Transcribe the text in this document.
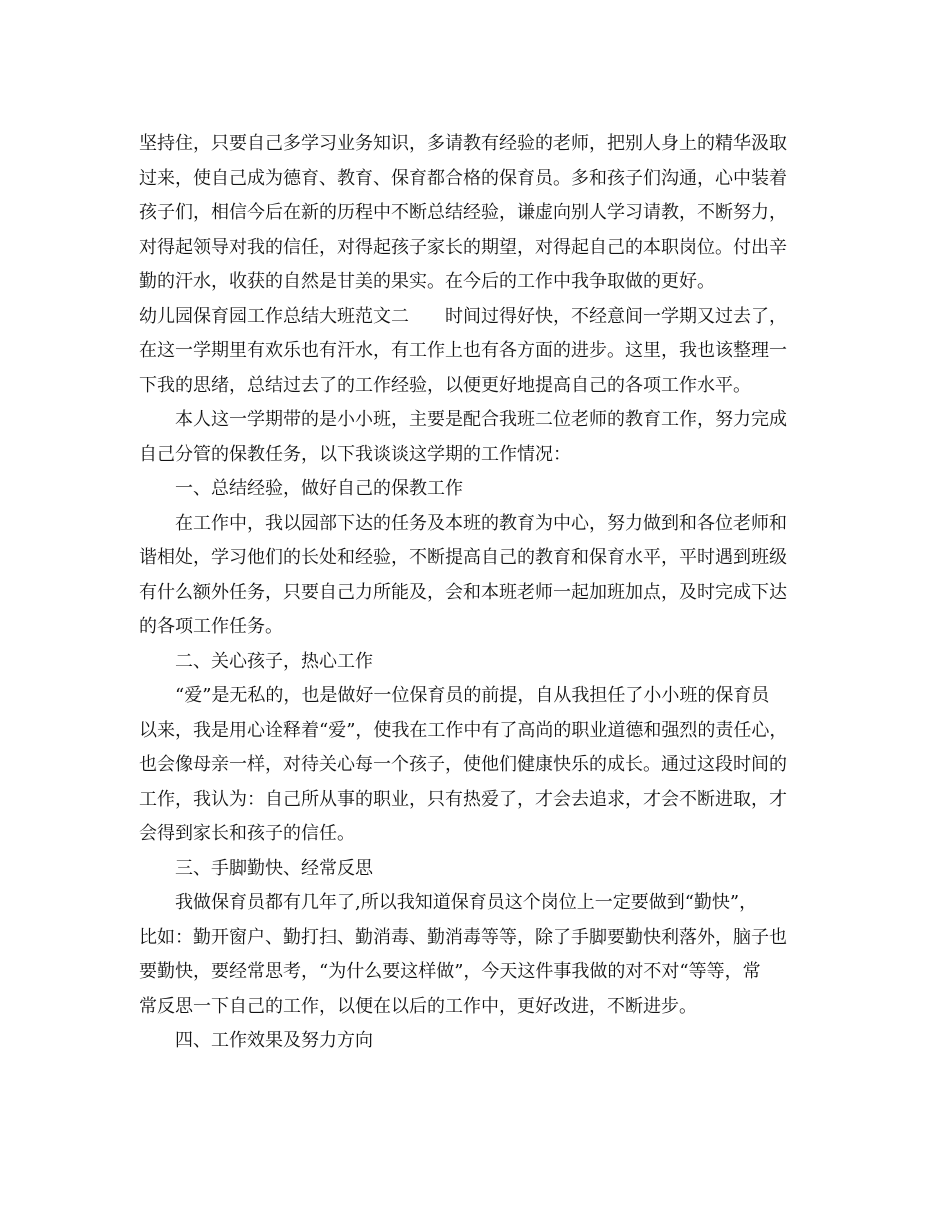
坚持住，只要自己多学习业务知识，多请教有经验的老师，把别人身上的精华汲取
过来，使自己成为德育、教育、保育都合格的保育员。多和孩子们沟通，心中装着
孩子们，相信今后在新的历程中不断总结经验，谦虚向别人学习请教，不断努力，
对得起领导对我的信任，对得起孩子家长的期望，对得起自己的本职岗位。付出辛
勤的汗水，收获的自然是甘美的果实。在今后的工作中我争取做的更好。
幼儿园保育园工作总结大班范文二　　时间过得好快，不经意间一学期又过去了，
在这一学期里有欢乐也有汗水，有工作上也有各方面的进步。这里，我也该整理一
下我的思绪，总结过去了的工作经验，以便更好地提高自己的各项工作水平。
本人这一学期带的是小小班，主要是配合我班二位老师的教育工作，努力完成
自己分管的保教任务，以下我谈谈这学期的工作情况：
一、总结经验，做好自己的保教工作
在工作中，我以园部下达的任务及本班的教育为中心，努力做到和各位老师和
谐相处，学习他们的长处和经验，不断提高自己的教育和保育水平，平时遇到班级
有什么额外任务，只要自己力所能及，会和本班老师一起加班加点，及时完成下达
的各项工作任务。
二、关心孩子，热心工作
“爱”是无私的，也是做好一位保育员的前提，自从我担任了小小班的保育员
以来，我是用心诠释着“爱”，使我在工作中有了高尚的职业道德和强烈的责任心，
也会像母亲一样，对待关心每一个孩子，使他们健康快乐的成长。通过这段时间的
工作，我认为：自己所从事的职业，只有热爱了，才会去追求，才会不断进取，才
会得到家长和孩子的信任。
三、手脚勤快、经常反思
我做保育员都有几年了,所以我知道保育员这个岗位上一定要做到“勤快”，
比如：勤开窗户、勤打扫、勤消毒、勤消毒等等，除了手脚要勤快利落外，脑子也
要勤快，要经常思考，“为什么要这样做”，今天这件事我做的对不对“等等，常
常反思一下自己的工作，以便在以后的工作中，更好改进，不断进步。
四、工作效果及努力方向
